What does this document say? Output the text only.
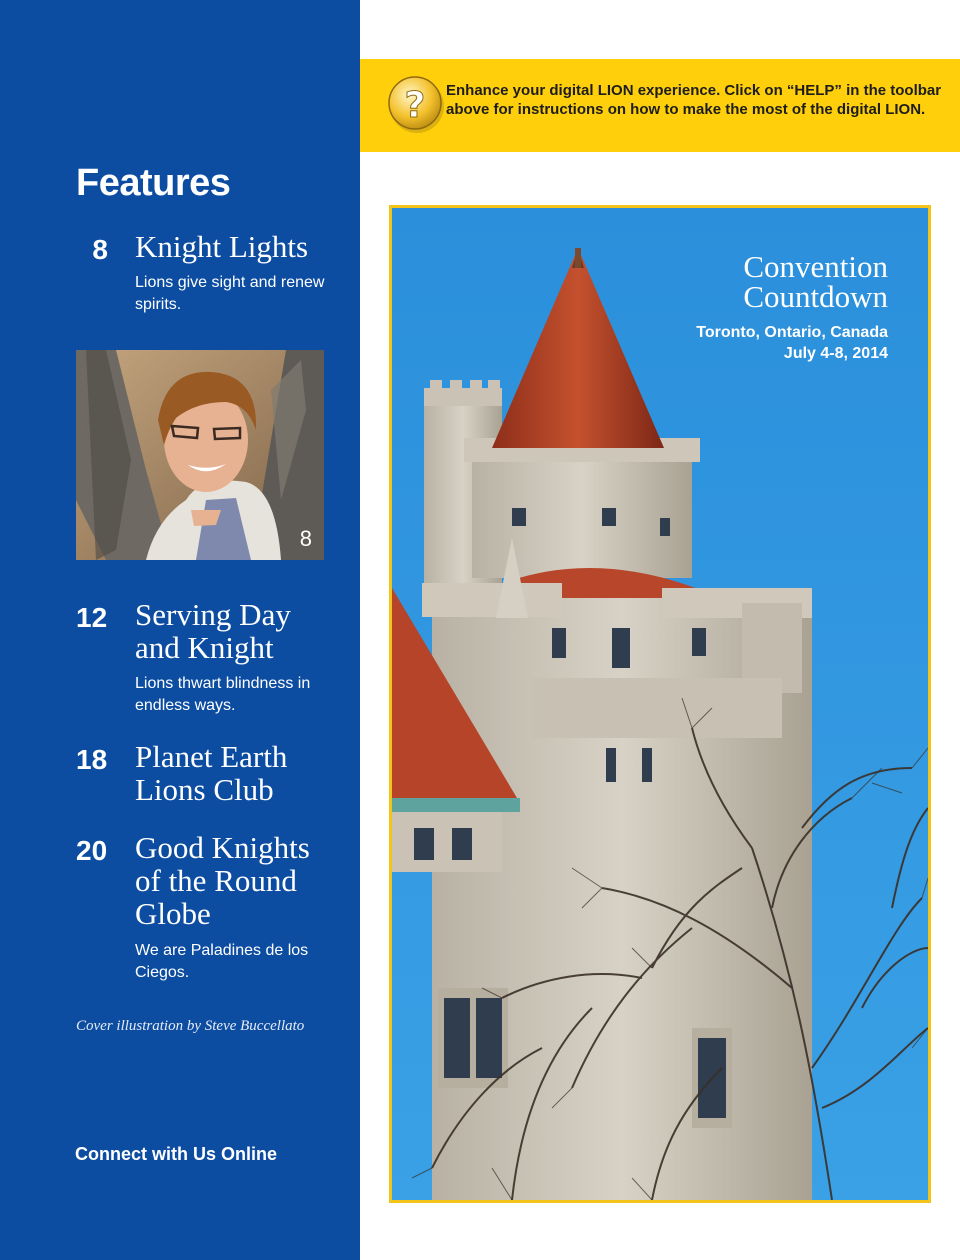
Features
8 Knight Lights
Lions give sight and renew spirits.
8
12 Serving Day and Knight
Lions thwart blindness in endless ways.
18 Planet Earth Lions Club
20 Good Knights of the Round Globe
We are Paladines de los Ciegos.

Cover illustration by Steve Buccellato

Connect with Us Online
? Enhance your digital LION experience. Click on “HELP” in the toolbar above for instructions on how to make the most of the digital LION.
Convention
Countdown
Toronto, Ontario, Canada
July 4-8, 2014
